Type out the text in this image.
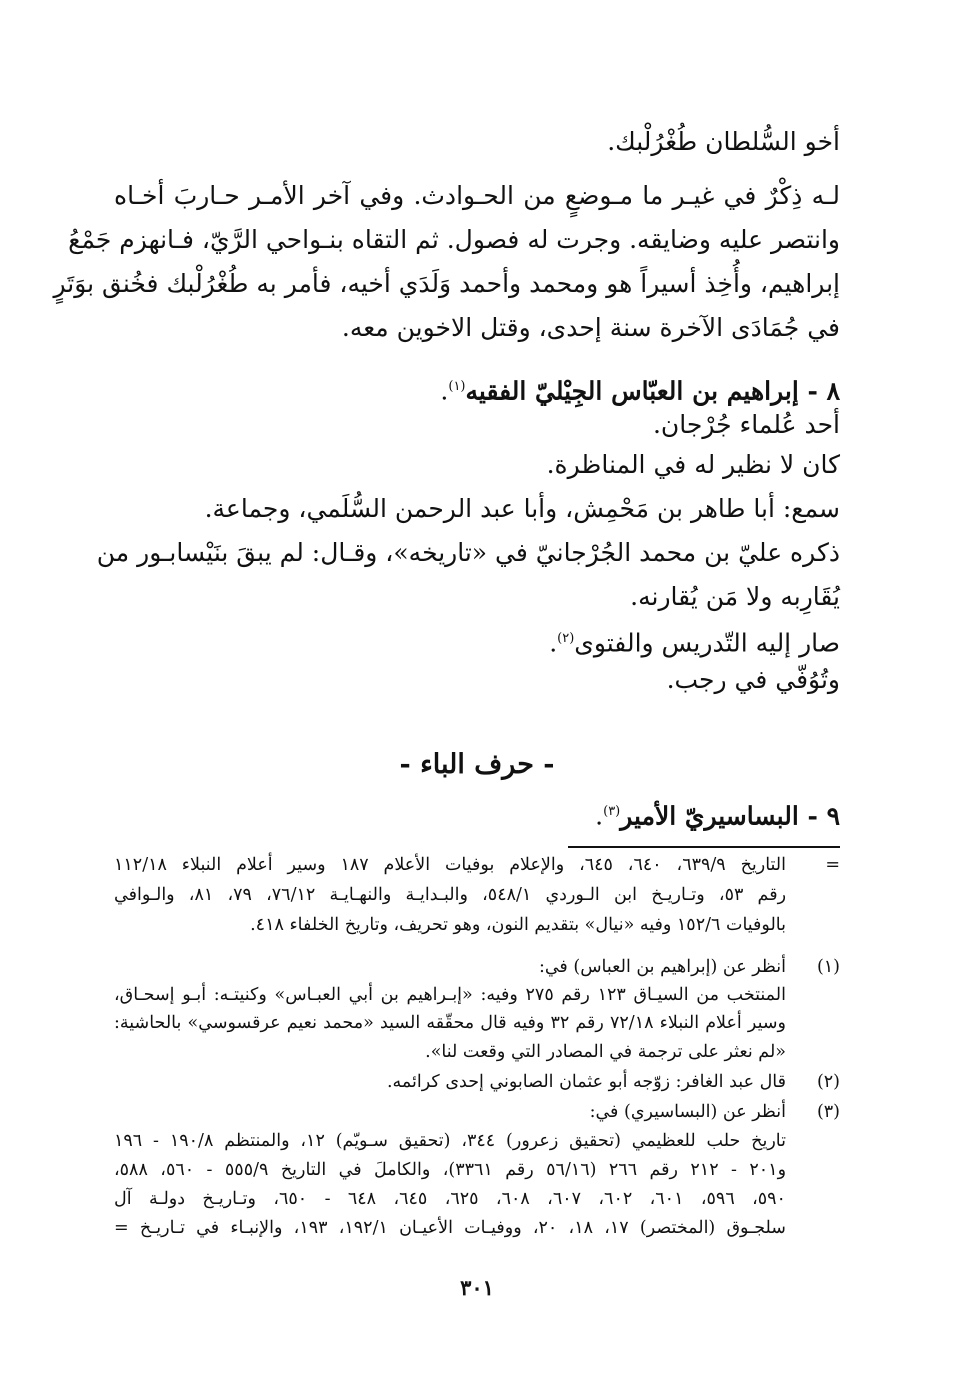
أخو السُّلطان طُغْرُلْبك.
لـه ذِكْرٌ في غيـر ما مـوضعٍ من الحـوادث. وفي آخر الأمـر حـاربَ أخـاه
وانتصر عليه وضايقه. وجرت له فصول. ثم التقاه بنـواحي الرَّيّ، فـانهزم جَمْعُ
إبراهيم، وأُخِذ أسيراً هو ومحمد وأحمد وَلَدَي أخيه، فأمر به طُغْرُلْبك فخُنق بوَتَرٍ
في جُمَادَى الآخرة سنة إحدى، وقتل الاخوين معه.
٨ - إبراهيم بن العبّاس الجِيْليّ الفقيه$^{(١)}$.
أحد عُلماء جُرْجان.
كان لا نظير له في المناظرة.
سمع: أبا طاهر بن مَحْمِش، وأبا عبد الرحمن السُّلَمي، وجماعة.
ذكره عليّ بن محمد الجُرْجانيّ في «تاريخه»، وقـال: لم يبقَ بنَيْسابـور من
يُقَارِبه ولا مَن يُقارنه.
صار إليه التّدريس والفتوى$^{(٢)}$.
وتُوُفّي في رجب.
- حرف الباء -
٩ - البساسيريّ الأمير$^{(٣)}$.
=
التاريخ ٦٣٩/٩، ٦٤٠، ٦٤٥، والإعلام بوفيات الأعلام ١٨٧ وسير أعلام النبلاء ١١٢/١٨
رقم ٥٣، وتـاريـخ ابن الـوردي ٥٤٨/١، والبـدايـة والنهـايـة ٧٦/١٢، ٧٩، ٨١، والـوافي
بالوفيات ١٥٢/٦ وفيه «نيال» بتقديم النون، وهو تحريف، وتاريخ الخلفاء ٤١٨.
(١)
أنظر عن (إبراهيم بن العباس) في:
المنتخب من السيـاق ١٢٣ رقم ٢٧٥ وفيه: «إبـراهيم بن أبي العبـاس» وكنيتـه: أبـو إسحـاق،
وسير أعلام النبلاء ٧٢/١٨ رقم ٣٢ وفيه قال محقّقه السيد «محمد نعيم عرقسوسي» بالحاشية:
«لم نعثر على ترجمة في المصادر التي وقعت لنا».
(٢)
قال عبد الغافر: زوّجه أبو عثمان الصابوني إحدى كرائمه.
(٣)
أنظر عن (البساسيري) في:
تاريخ حلب للعظيمي (تحقيق زعرور) ٣٤٤، (تحقيق سـويّم) ١٢، والمنتظم ١٩٠/٨ - ١٩٦
و٢٠١ - ٢١٢ رقم ٢٦٦ (٥٦/١٦ رقم ٣٣٦١)، والكاملَ في التاريخ ٥٥٥/٩ - ٥٦٠، ٥٨٨،
٥٩٠، ٥٩٦، ٦٠١، ٦٠٢، ٦٠٧، ٦٠٨، ٦٢٥، ٦٤٥، ٦٤٨ - ٦٥٠، وتـاريـخ دولـة آل
سلجـوق (المختصر) ١٧، ١٨، ٢٠، ووفيـات الأعيـان ١٩٢/١، ١٩٣، والإنبـاء في تـاريـخ =
٣٠١
